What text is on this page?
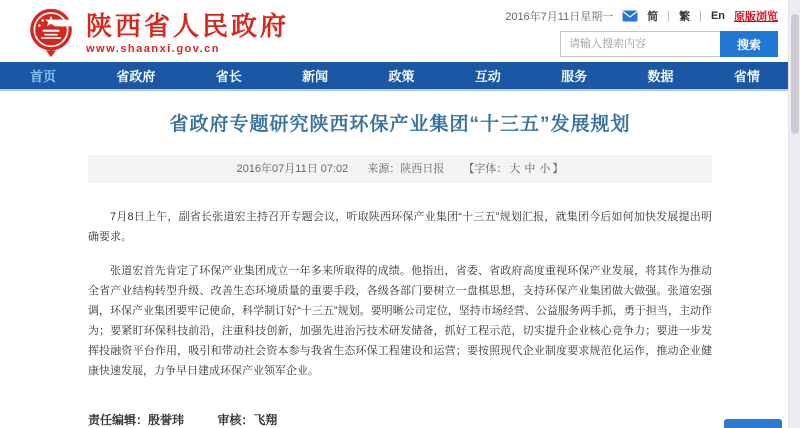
陕西省人民政府
www.shaanxi.gov.cn
2016年7月11日星期一	简 | 繁 | En 原版浏览
请输入搜索内容
搜索
首页	省政府	省长	新闻	政策	互动	服务	数据	省情
省政府专题研究陕西环保产业集团“十三五”发展规划
2016年07月11日 07:02 来源：陕西日报 【字体： 大 中 小 】

7月8日上午，副省长张道宏主持召开专题会议，听取陕西环保产业集团“十三五”规划汇报，就集团今后如何加快发展提出明确要求。

张道宏首先肯定了环保产业集团成立一年多来所取得的成绩。他指出，省委、省政府高度重视环保产业发展，将其作为推动全省产业结构转型升级、改善生态环境质量的重要手段，各级各部门要树立一盘棋思想，支持环保产业集团做大做强。张道宏强调，环保产业集团要牢记使命，科学制订好“十三五”规划。要明晰公司定位，坚持市场经营、公益服务两手抓，勇于担当，主动作为；要紧盯环保科技前沿，注重科技创新，加强先进治污技术研发储备，抓好工程示范，切实提升企业核心竞争力；要进一步发挥投融资平台作用，吸引和带动社会资本参与我省生态环保工程建设和运营；要按照现代企业制度要求规范化运作，推动企业健康快速发展，力争早日建成环保产业领军企业。

责任编辑：殷誉玮	审核：飞翔
